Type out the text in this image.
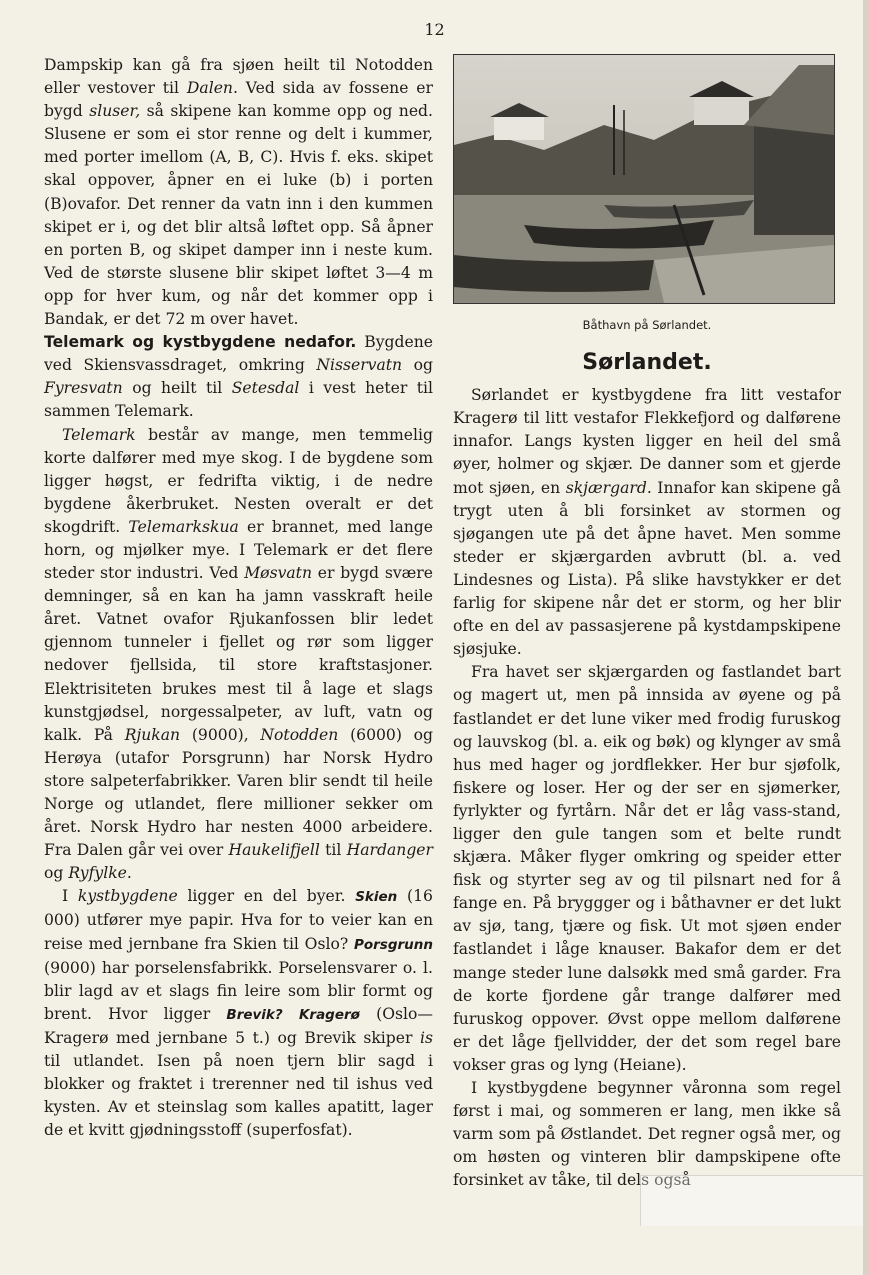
12

Dampskip kan gå fra sjøen heilt til Notodden eller vestover til Dalen. Ved sida av fossene er bygd sluser, så skipene kan komme opp og ned. Slusene er som ei stor renne og delt i kummer, med porter imellom (A, B, C). Hvis f. eks. skipet skal oppover, åpner en ei luke (b) i porten (B)ovafor. Det renner da vatn inn i den kummen skipet er i, og det blir altså løftet opp. Så åpner en porten B, og skipet damper inn i neste kum. Ved de største slusene blir skipet løftet 3—4 m opp for hver kum, og når det kommer opp i Bandak, er det 72 m over havet.

Telemark og kystbygdene nedafor. Bygdene ved Skiensvassdraget, omkring Nisservatn og Fyresvatn og heilt til Setesdal i vest heter til sammen Telemark.

Telemark består av mange, men temmelig korte dalfører med mye skog. I de bygdene som ligger høgst, er fedrifta viktig, i de nedre bygdene åkerbruket. Nesten overalt er det skogdrift. Telemarkskua er brannet, med lange horn, og mjølker mye. I Telemark er det flere steder stor industri. Ved Møsvatn er bygd svære demninger, så en kan ha jamn vasskraft heile året. Vatnet ovafor Rjukanfossen blir ledet gjennom tunneler i fjellet og rør som ligger nedover fjellsida, til store kraftstasjoner. Elektrisiteten brukes mest til å lage et slags kunstgjødsel, norgessalpeter, av luft, vatn og kalk. På Rjukan (9000), Notodden (6000) og Herøya (utafor Porsgrunn) har Norsk Hydro store salpeterfabrikker. Varen blir sendt til heile Norge og utlandet, flere millioner sekker om året. Norsk Hydro har nesten 4000 arbeidere. Fra Dalen går vei over Haukelifjell til Hardanger og Ryfylke.

I kystbygdene ligger en del byer. Skien (16 000) utfører mye papir. Hva for to veier kan en reise med jernbane fra Skien til Oslo? Porsgrunn (9000) har porselensfabrikk. Porselensvarer o. l. blir lagd av et slags fin leire som blir formt og brent. Hvor ligger Brevik? Kragerø (Oslo—Kragerø med jernbane 5 t.) og Brevik skiper is til utlandet. Isen på noen tjern blir sagd i blokker og fraktet i trerenner ned til ishus ved kysten. Av et steinslag som kalles apatitt, lager de et kvitt gjødningsstoff (superfosfat).

Båthavn på Sørlandet.
Sørlandet.

Sørlandet er kystbygdene fra litt vestafor Kragerø til litt vestafor Flekkefjord og dalførene innafor. Langs kysten ligger en heil del små øyer, holmer og skjær. De danner som et gjerde mot sjøen, en skjærgard. Innafor kan skipene gå trygt uten å bli forsinket av stormen og sjøgangen ute på det åpne havet. Men somme steder er skjærgarden avbrutt (bl. a. ved Lindesnes og Lista). På slike havstykker er det farlig for skipene når det er storm, og her blir ofte en del av passasjerene på kystdampskipene sjøsjuke.

Fra havet ser skjærgarden og fastlandet bart og magert ut, men på innsida av øyene og på fastlandet er det lune viker med frodig furuskog og lauvskog (bl. a. eik og bøk) og klynger av små hus med hager og jordflekker. Her bur sjøfolk, fiskere og loser. Her og der ser en sjømerker, fyrlykter og fyrtårn. Når det er låg vass-stand, ligger den gule tangen som et belte rundt skjæra. Måker flyger omkring og speider etter fisk og styrter seg av og til pilsnart ned for å fange en. På bryggger og i båthavner er det lukt av sjø, tang, tjære og fisk. Ut mot sjøen ender fastlandet i låge knauser. Bakafor dem er det mange steder lune dalsøkk med små garder. Fra de korte fjordene går trange dalfører med furuskog oppover. Øvst oppe mellom dalførene er det låge fjellvidder, der det som regel bare vokser gras og lyng (Heiane).

I kystbygdene begynner våronna som regel først i mai, og sommeren er lang, men ikke så varm som på Østlandet. Det regner også mer, og om høsten og vinteren blir dampskipene ofte forsinket av tåke, til dels også
